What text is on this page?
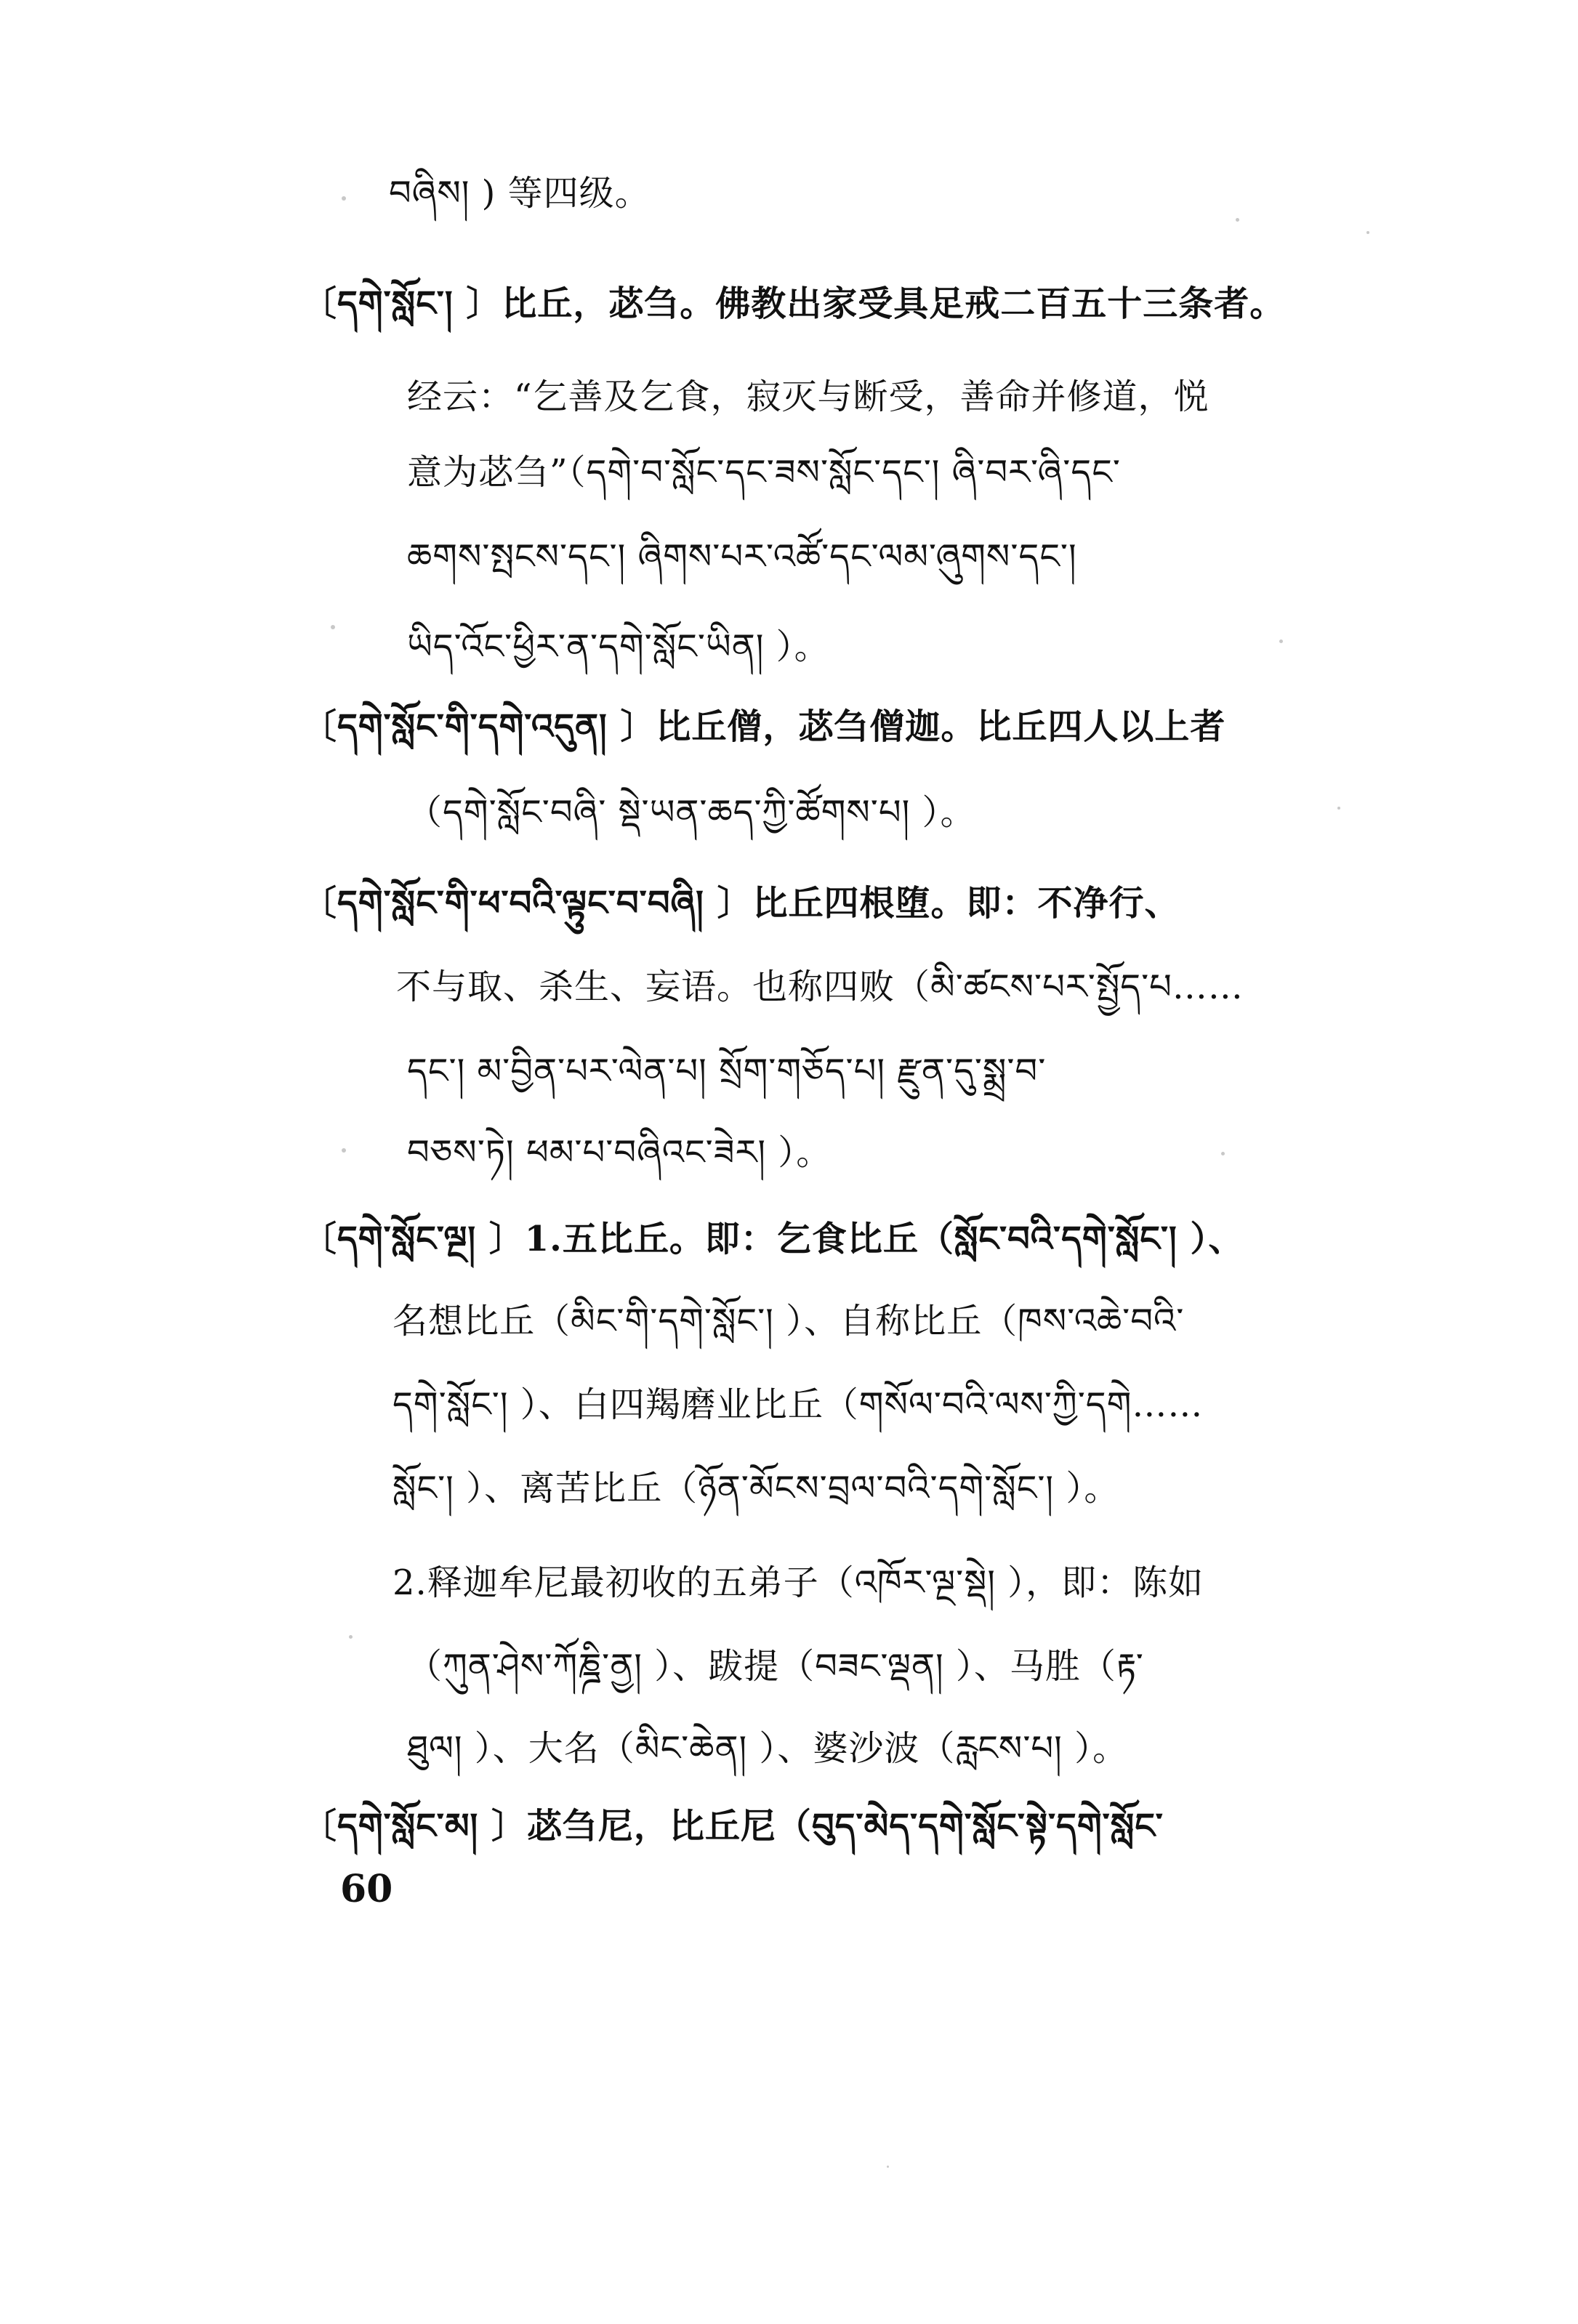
བཞིས། ) 等四级。
〔དགེ་སློང་། 〕比丘，苾刍。佛教出家受具足戒二百五十三条者。
经云：“乞善及乞食，寂灭与断受，善命并修道，悦
意为苾刍”（དགེ་བ་སློང་དང་ཟས་སློང་དང་། ཞི་བར་ཞི་དང་
ཆགས་སྤངས་དང་། ཞིགས་པར་འཚོ་དང་ལམ་ཞུགས་དང་།
ཡིད་འོང་ཕྱིར་ན་དགེ་སློང་ཡིན། ）。
〔དགེ་སློང་གི་དགེ་འདུན། 〕比丘僧，苾刍僧迦。比丘四人以上者
（དགེ་སློང་བཞི་ སྡེ་ཡན་ཆད་ཀྱི་ཚོགས་པ། ）。
〔དགེ་སློང་གི་ཕ་བའི་ལྟུང་བ་བཞི། 〕比丘四根堕。即：不净行、
不与取、杀生、妄语。也称四败（མི་ཚངས་པར་སྤྱོད་པ……
དང་། མ་བྱིན་པར་ལེན་པ། སྲོག་གཅོད་པ། རྫུན་དུ་སྨྲ་བ་
བཅས་ཏེ། ཕམ་པ་བཞིའང་ཟེར། ）。
〔དགེ་སློང་ལྔ། 〕1.五比丘。即：乞食比丘（སློང་བའི་དགེ་སློང་། ）、
名想比丘（མིང་གི་དགེ་སློང་། ）、自称比丘（ཁས་འཆེ་བའི་
དགེ་སློང་། ）、白四羯磨业比丘（གསོལ་བའི་ལས་ཀྱི་དགེ……
སློང་། ）、离苦比丘（ཉོན་མོངས་བྲལ་བའི་དགེ་སློང་། ）。
2.释迦牟尼最初收的五弟子（འཁོར་ལྔ་སྡེ། ），即：陈如
（ཀུན་ཤེས་ཀོཎྜི་ནྱ། ）、跋提（བཟང་ལྡན། ）、马胜（རྟ་
ཐུལ། ）、大名（མིང་ཆེན། ）、婆沙波（རླངས་པ། ）。
〔དགེ་སློང་མ། 〕苾刍尼，比丘尼（བུད་མེད་དགེ་སློང་སྟེ་དགེ་སློང་
60
